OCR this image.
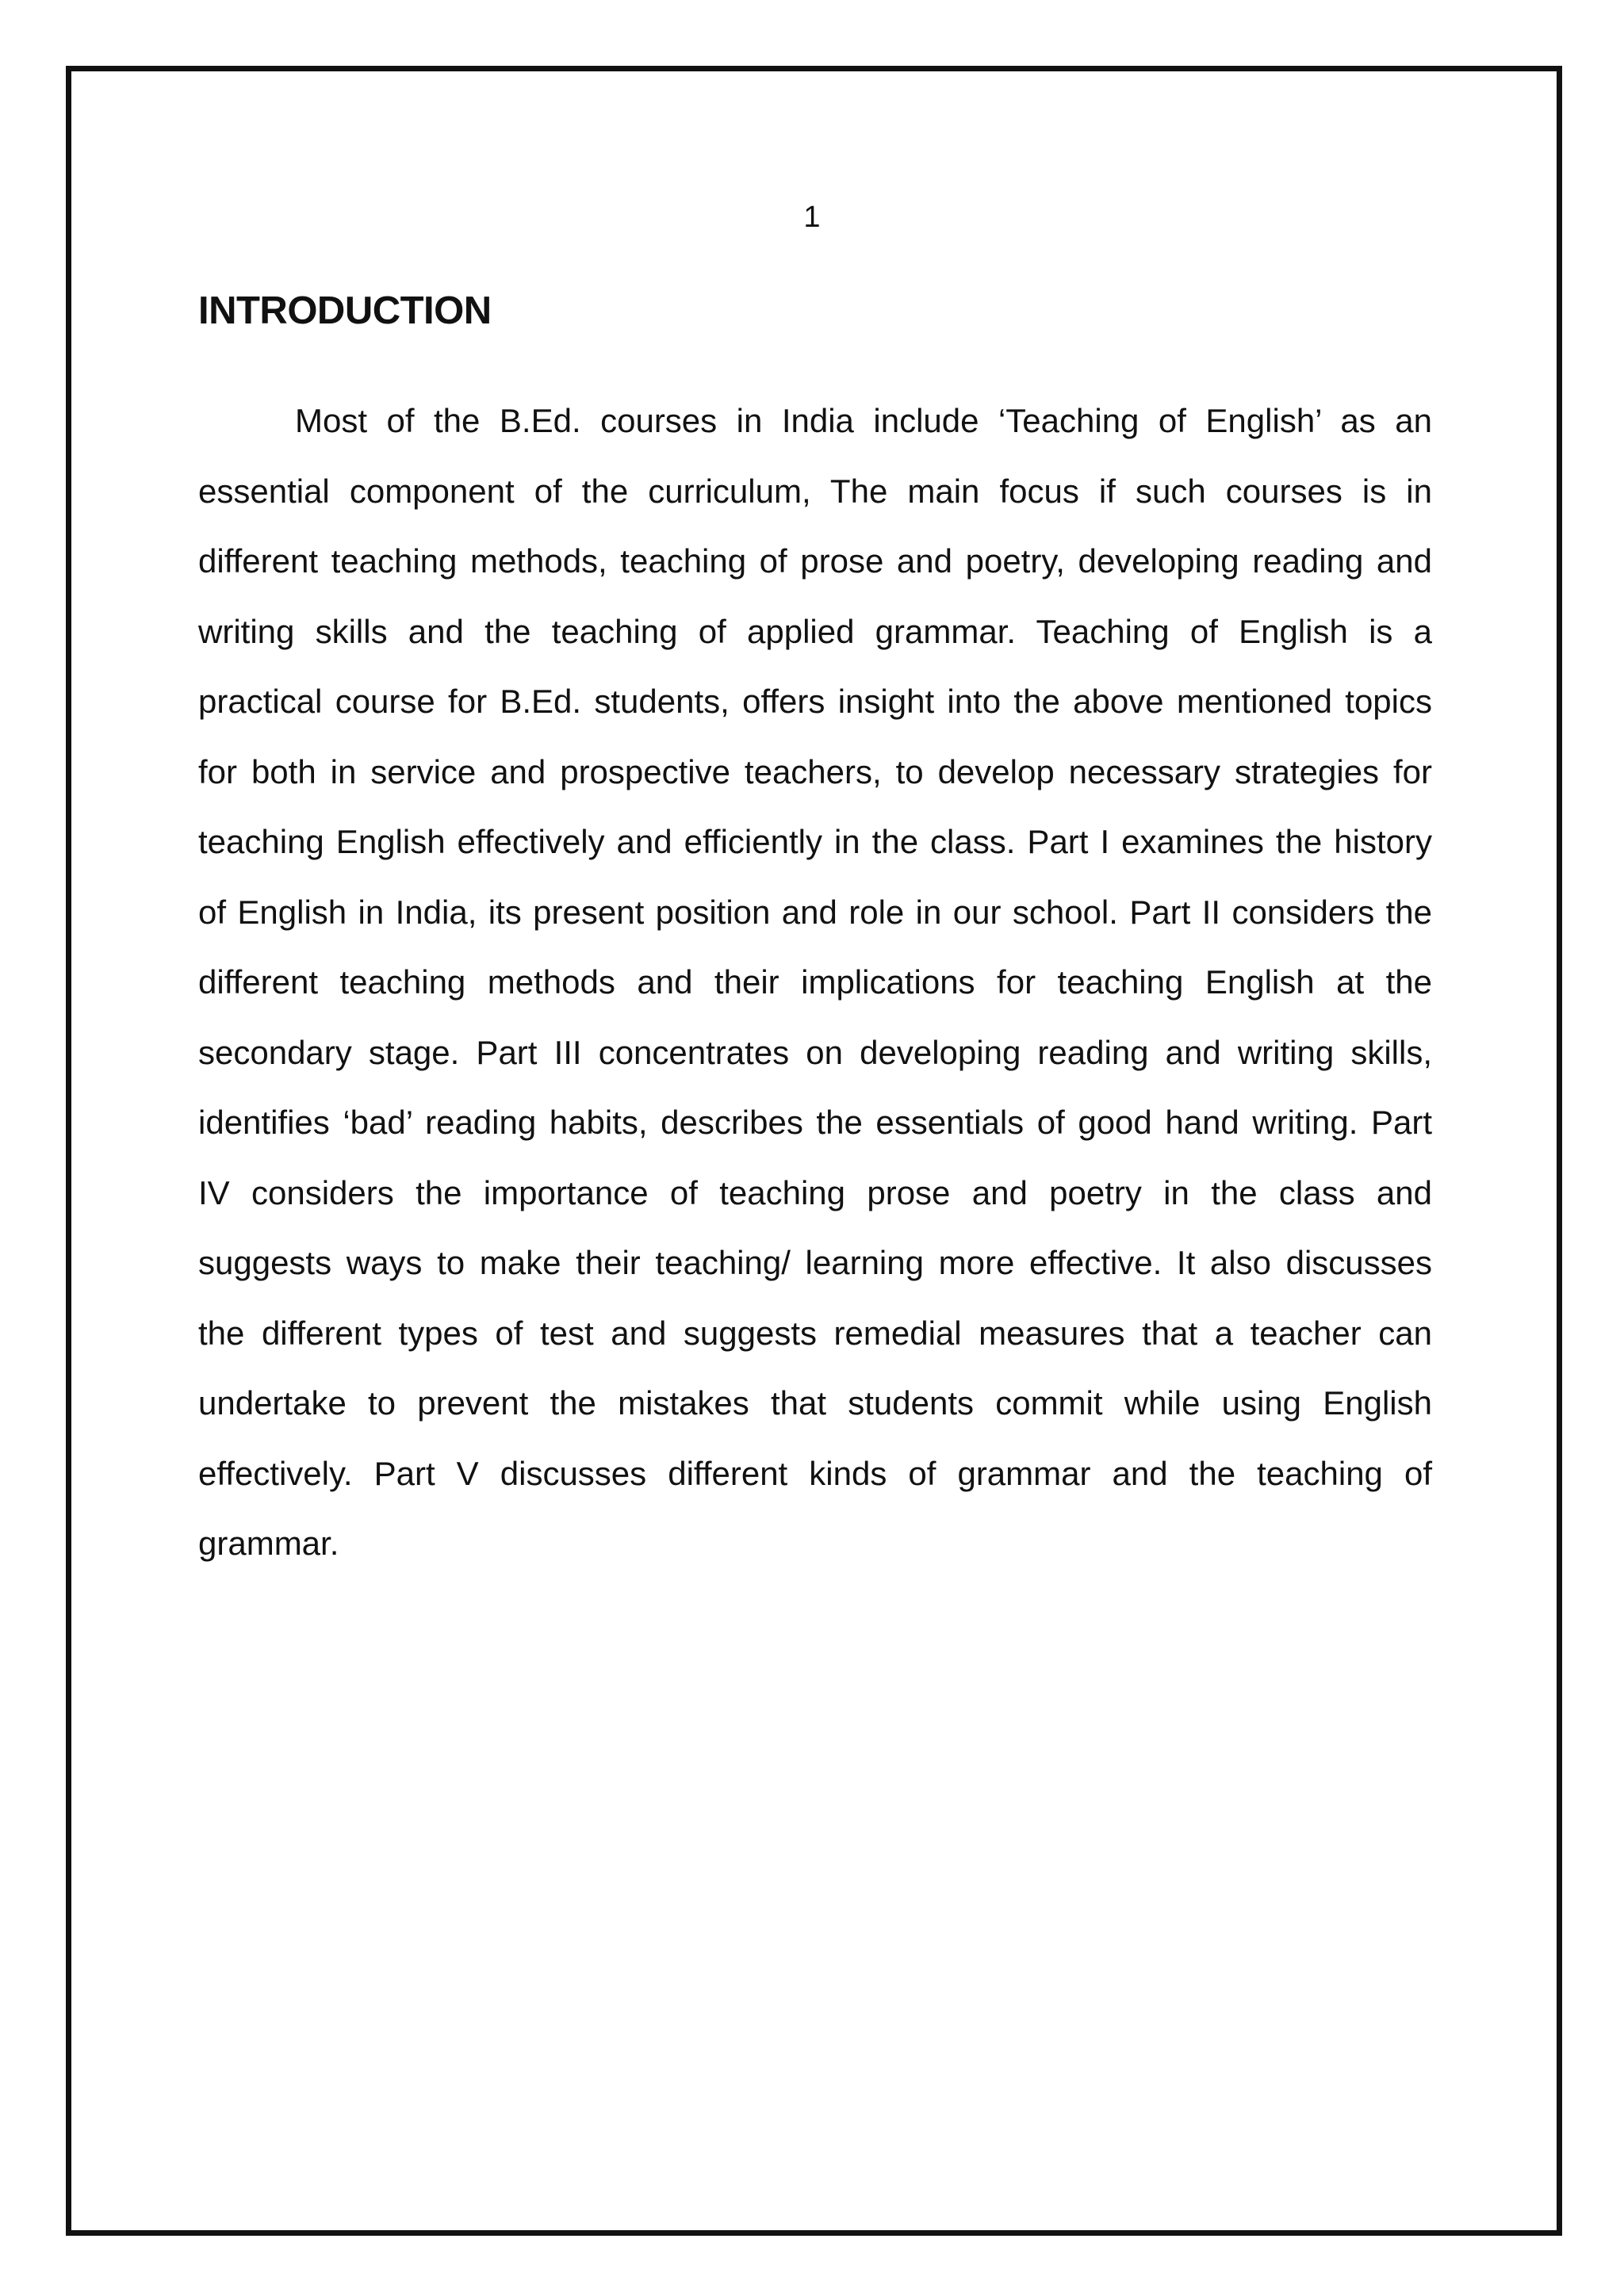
1
INTRODUCTION

Most of the B.Ed. courses in India include ‘Teaching of English’ as an essential component of the curriculum, The main focus if such courses is in different teaching methods, teaching of prose and poetry, developing reading and writing skills and the teaching of applied grammar. Teaching of English is a practical course for B.Ed. students, offers insight into the above mentioned topics for both in service and prospective teachers, to develop necessary strategies for teaching English effectively and efficiently in the class. Part I examines the history of English in India, its present position and role in our school. Part II considers the different teaching methods and their implications for teaching English at the secondary stage. Part III concentrates on developing reading and writing skills, identifies ‘bad’ reading habits, describes the essentials of good hand writing. Part IV considers the importance of teaching prose and poetry in the class and suggests ways to make their teaching/ learning more effective. It also discusses the different types of test and suggests remedial measures that a teacher can undertake to prevent the mistakes that students commit while using English effectively. Part V discusses different kinds of grammar and the teaching of grammar.
